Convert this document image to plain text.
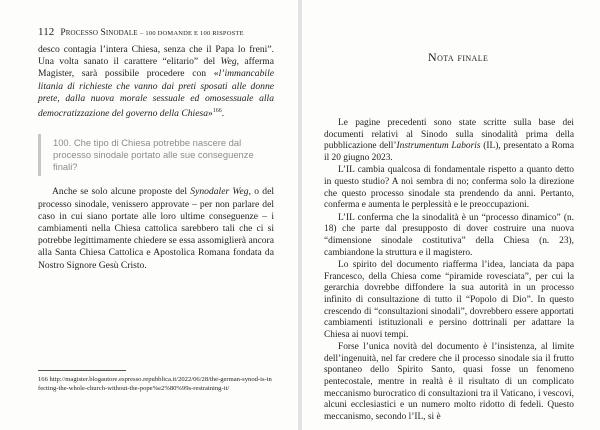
112 Processo Sinodale – 100 DOMANDE E 100 RISPOSTE

desco contagia l’intera Chiesa, senza che il Papa lo freni”. Una volta sanato il carattere “elitario” del Weg, afferma Magister, sarà possibile procedere con «l’immancabile litania di richieste che vanno dai preti sposati alle donne prete, dalla nuova morale sessuale ed omosessuale alla democratizzazione del governo della Chiesa»$^{166}$.

100. Che tipo di Chiesa potrebbe nascere dal processo sinodale portato alle sue conseguenze finali?

Anche se solo alcune proposte del Synodaler Weg, o del processo sinodale, venissero approvate – per non parlare del caso in cui siano portate alle loro ultime conseguenze – i cambiamenti nella Chiesa cattolica sarebbero tali che ci si potrebbe legittimamente chiedere se essa assomiglierà ancora alla Santa Chiesa Cattolica e Apostolica Romana fondata da Nostro Signore Gesù Cristo.

166 http://magister.blogautore.espresso.repubblica.it/2022/06/28/the-german-synod-is-infecting-the-whole-church-without-the-pope%e2%80%99s-restraining-it/
Nota finale

Le pagine precedenti sono state scritte sulla base dei documenti relativi al Sinodo sulla sinodalità prima della pubblicazione dell’Instrumentum Laboris (IL), presentato a Roma il 20 giugno 2023.

L’IL cambia qualcosa di fondamentale rispetto a quanto detto in questo studio? A noi sembra di no; conferma solo la direzione che questo processo sinodale sta prendendo da anni. Pertanto, conferma e aumenta le perplessità e le preoccupazioni.

L’IL conferma che la sinodalità è un “processo dinamico” (n. 18) che parte dal presupposto di dover costruire una nuova “dimensione sinodale costitutiva” della Chiesa (n. 23), cambiandone la struttura e il magistero.

Lo spirito del documento riafferma l’idea, lanciata da papa Francesco, della Chiesa come “piramide rovesciata”, per cui la gerarchia dovrebbe diffondere la sua autorità in un processo infinito di consultazione di tutto il “Popolo di Dio”. In questo crescendo di “consultazioni sinodali”, dovrebbero essere apportati cambiamenti istituzionali e persino dottrinali per adattare la Chiesa ai nuovi tempi.

Forse l’unica novità del documento è l’insistenza, al limite dell’ingenuità, nel far credere che il processo sinodale sia il frutto spontaneo dello Spirito Santo, quasi fosse un fenomeno pentecostale, mentre in realtà è il risultato di un complicato meccanismo burocratico di consultazioni tra il Vaticano, i vescovi, alcuni ecclesiastici e un numero molto ridotto di fedeli. Questo meccanismo, secondo l’IL, si è
